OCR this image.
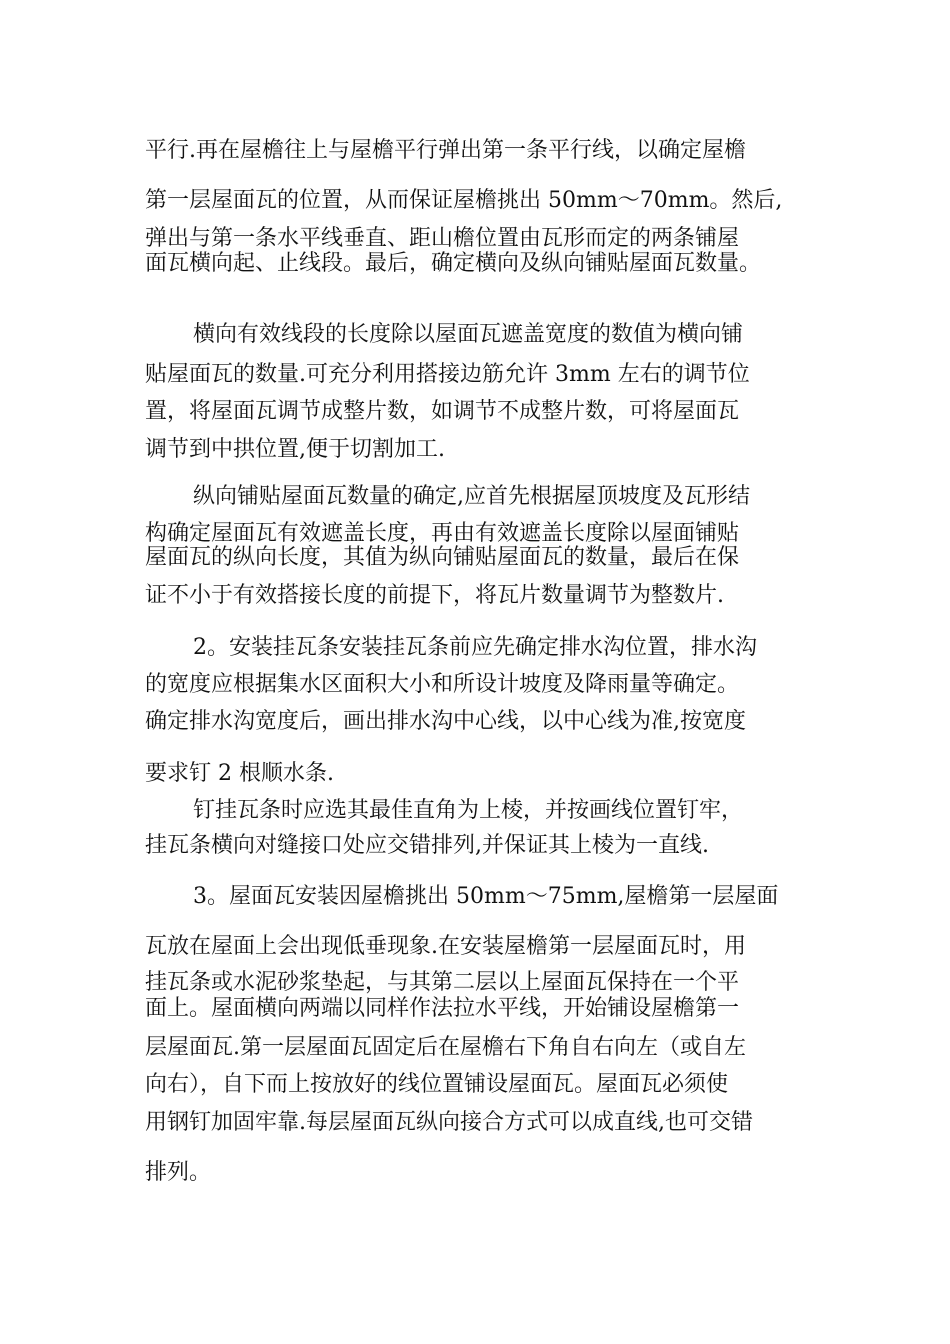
平行.再在屋檐往上与屋檐平行弹出第一条平行线，以确定屋檐
第一层屋面瓦的位置，从而保证屋檐挑出 50mm～70mm。然后,
弹出与第一条水平线垂直、距山檐位置由瓦形而定的两条铺屋
面瓦横向起、止线段。最后，确定横向及纵向铺贴屋面瓦数量。
横向有效线段的长度除以屋面瓦遮盖宽度的数值为横向铺
贴屋面瓦的数量.可充分利用搭接边筋允许 3mm 左右的调节位
置，将屋面瓦调节成整片数，如调节不成整片数，可将屋面瓦
调节到中拱位置,便于切割加工.
纵向铺贴屋面瓦数量的确定,应首先根据屋顶坡度及瓦形结
构确定屋面瓦有效遮盖长度，再由有效遮盖长度除以屋面铺贴
屋面瓦的纵向长度，其值为纵向铺贴屋面瓦的数量，最后在保
证不小于有效搭接长度的前提下，将瓦片数量调节为整数片.
2。安装挂瓦条安装挂瓦条前应先确定排水沟位置，排水沟
的宽度应根据集水区面积大小和所设计坡度及降雨量等确定。
确定排水沟宽度后，画出排水沟中心线，以中心线为准,按宽度
要求钉 2 根顺水条.
钉挂瓦条时应选其最佳直角为上棱，并按画线位置钉牢，
挂瓦条横向对缝接口处应交错排列,并保证其上棱为一直线.
3。屋面瓦安装因屋檐挑出 50mm～75mm,屋檐第一层屋面
瓦放在屋面上会出现低垂现象.在安装屋檐第一层屋面瓦时，用
挂瓦条或水泥砂浆垫起，与其第二层以上屋面瓦保持在一个平
面上。屋面横向两端以同样作法拉水平线，开始铺设屋檐第一
层屋面瓦.第一层屋面瓦固定后在屋檐右下角自右向左（或自左
向右），自下而上按放好的线位置铺设屋面瓦。屋面瓦必须使
用钢钉加固牢靠.每层屋面瓦纵向接合方式可以成直线,也可交错
排列。
